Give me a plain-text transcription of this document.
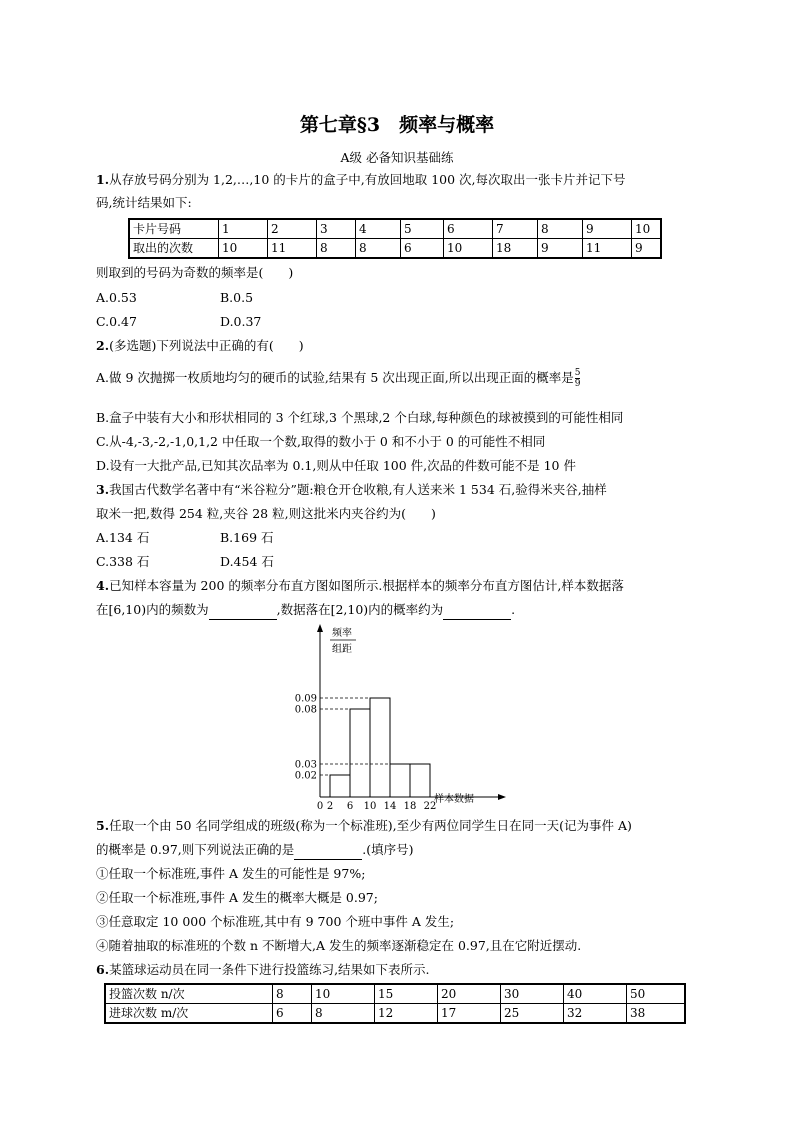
第七章§3　频率与概率
A级 必备知识基础练
1.从存放号码分别为 1,2,…,10 的卡片的盒子中,有放回地取 100 次,每次取出一张卡片并记下号
码,统计结果如下:
卡片号码	1	2	3	4	5	6	7	8	9	10
取出的次数	10	11	8	8	6	10	18	9	11	9
则取到的号码为奇数的频率是(　　)
A.0.53	B.0.5
C.0.47	D.0.37
2.(多选题)下列说法中正确的有(　　)
A.做 9 次抛掷一枚质地均匀的硬币的试验,结果有 5 次出现正面,所以出现正面的概率是 $\frac{5}{9}$
B.盒子中装有大小和形状相同的 3 个红球,3 个黑球,2 个白球,每种颜色的球被摸到的可能性相同
C.从-4,-3,-2,-1,0,1,2 中任取一个数,取得的数小于 0 和不小于 0 的可能性不相同
D.设有一大批产品,已知其次品率为 0.1,则从中任取 100 件,次品的件数可能不是 10 件
3.我国古代数学名著中有“米谷粒分”题:粮仓开仓收粮,有人送来米 1 534 石,验得米夹谷,抽样
取米一把,数得 254 粒,夹谷 28 粒,则这批米内夹谷约为(　　)
A.134 石	B.169 石
C.338 石	D.454 石
4.已知样本容量为 200 的频率分布直方图如图所示.根据样本的频率分布直方图估计,样本数据落
在[6,10)内的频数为	,数据落在[2,10)内的概率约为	.
频率
组距
样本数据
0 2 6 10 14 18 22
0.09
0.08
0.03
0.02
5.任取一个由 50 名同学组成的班级(称为一个标准班),至少有两位同学生日在同一天(记为事件 A)
的概率是 0.97,则下列说法正确的是	.(填序号)
①任取一个标准班,事件 A 发生的可能性是 97%;
②任取一个标准班,事件 A 发生的概率大概是 0.97;
③任意取定 10 000 个标准班,其中有 9 700 个班中事件 A 发生;
④随着抽取的标准班的个数 n 不断增大,A 发生的频率逐渐稳定在 0.97,且在它附近摆动.
6.某篮球运动员在同一条件下进行投篮练习,结果如下表所示.
投篮次数 n/次	8	10	15	20	30	40	50
进球次数 m/次	6	8	12	17	25	32	38
